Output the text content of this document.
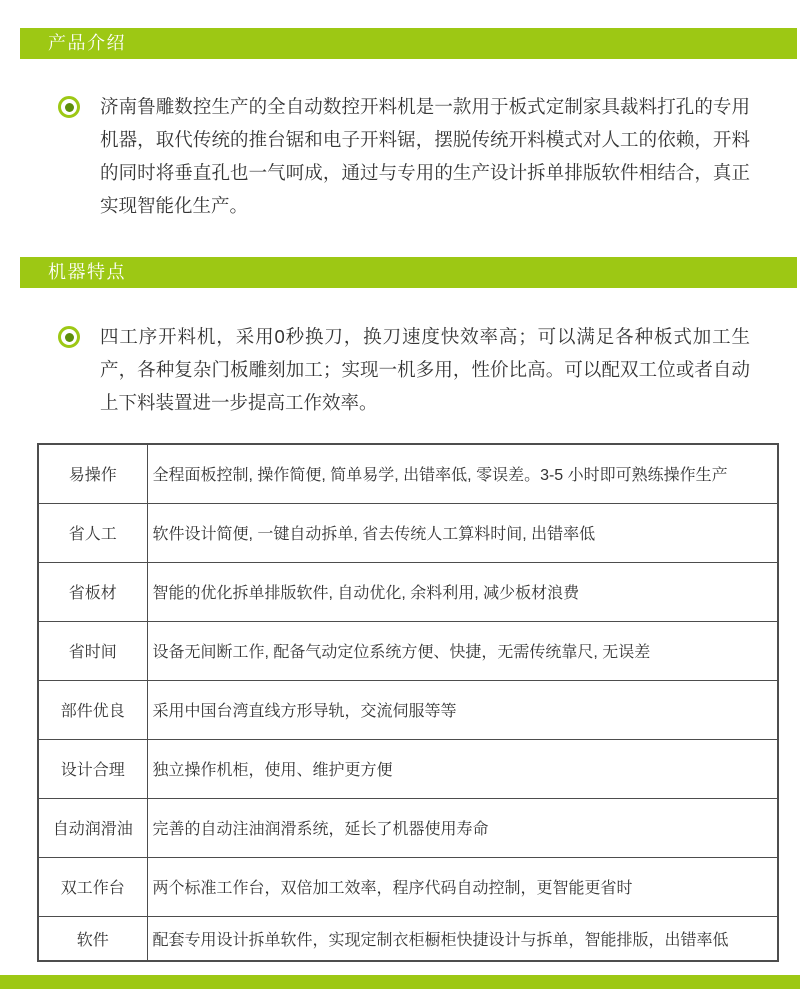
产品介绍
济南鲁雕数控生产的全自动数控开料机是一款用于板式定制家具裁料打孔的专用机器，取代传统的推台锯和电子开料锯，摆脱传统开料模式对人工的依赖，开料的同时将垂直孔也一气呵成，通过与专用的生产设计拆单排版软件相结合，真正实现智能化生产。
机器特点
四工序开料机，采用0秒换刀，换刀速度快效率高；可以满足各种板式加工生产，各种复杂门板雕刻加工；实现一机多用，性价比高。可以配双工位或者自动上下料装置进一步提高工作效率。
易操作	全程面板控制, 操作简便, 简单易学, 出错率低, 零误差。3-5 小时即可熟练操作生产
省人工	软件设计简便, 一键自动拆单, 省去传统人工算料时间, 出错率低
省板材	智能的优化拆单排版软件, 自动优化, 余料利用, 减少板材浪费
省时间	设备无间断工作, 配备气动定位系统方便、快捷，无需传统靠尺, 无误差
部件优良	采用中国台湾直线方形导轨，交流伺服等等
设计合理	独立操作机柜，使用、维护更方便
自动润滑油	完善的自动注油润滑系统，延长了机器使用寿命
双工作台	两个标准工作台，双倍加工效率，程序代码自动控制，更智能更省时
软件	配套专用设计拆单软件，实现定制衣柜橱柜快捷设计与拆单，智能排版，出错率低
